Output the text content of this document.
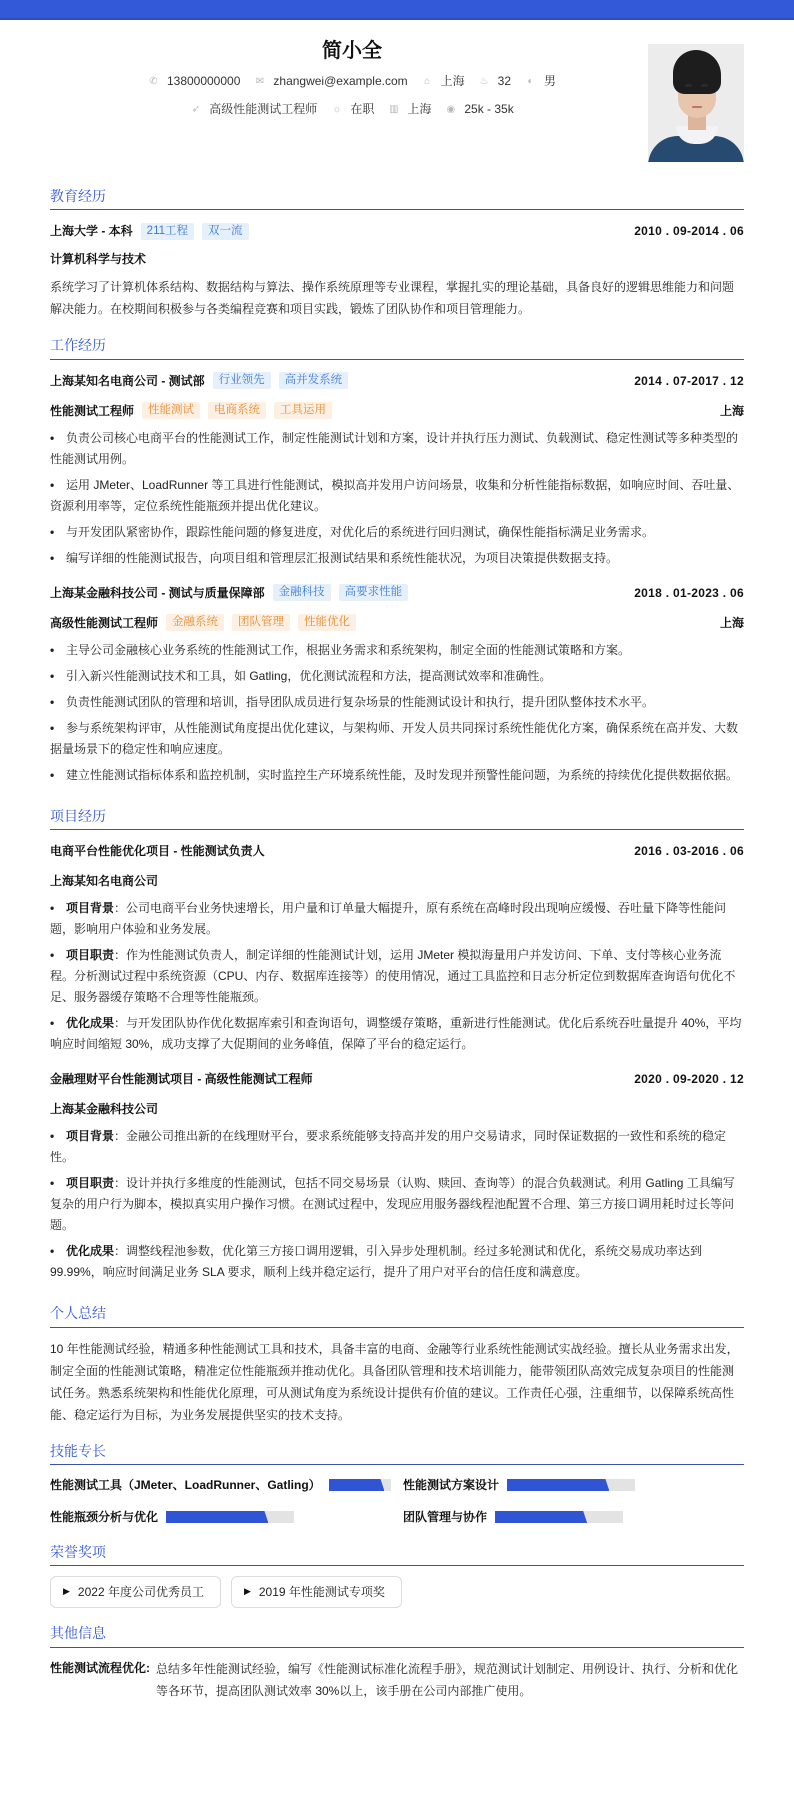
简小全
✆ 13800000000 ✉ zhangwei@example.com ⌂ 上海 ♨ 32 ◐ 男
➶ 高级性能测试工程师 ☼ 在职 ▥ 上海 ◉ 25k - 35k
教育经历
上海大学 - 本科	211工程	双一流	2010 . 09-2014 . 06
计算机科学与技术
系统学习了计算机体系结构、数据结构与算法、操作系统原理等专业课程，掌握扎实的理论基础，具备良好的逻辑思维能力和问题解决能力。在校期间积极参与各类编程竞赛和项目实践，锻炼了团队协作和项目管理能力。
工作经历
上海某知名电商公司 - 测试部	行业领先	高并发系统	2014 . 07-2017 . 12
性能测试工程师	性能测试	电商系统	工具运用	上海
• 负责公司核心电商平台的性能测试工作，制定性能测试计划和方案，设计并执行压力测试、负载测试、稳定性测试等多种类型的性能测试用例。
• 运用 JMeter、LoadRunner 等工具进行性能测试，模拟高并发用户访问场景，收集和分析性能指标数据，如响应时间、吞吐量、资源利用率等，定位系统性能瓶颈并提出优化建议。
• 与开发团队紧密协作，跟踪性能问题的修复进度，对优化后的系统进行回归测试，确保性能指标满足业务需求。
• 编写详细的性能测试报告，向项目组和管理层汇报测试结果和系统性能状况，为项目决策提供数据支持。
上海某金融科技公司 - 测试与质量保障部	金融科技	高要求性能	2018 . 01-2023 . 06
高级性能测试工程师	金融系统	团队管理	性能优化	上海
• 主导公司金融核心业务系统的性能测试工作，根据业务需求和系统架构，制定全面的性能测试策略和方案。
• 引入新兴性能测试技术和工具，如 Gatling，优化测试流程和方法，提高测试效率和准确性。
• 负责性能测试团队的管理和培训，指导团队成员进行复杂场景的性能测试设计和执行，提升团队整体技术水平。
• 参与系统架构评审，从性能测试角度提出优化建议，与架构师、开发人员共同探讨系统性能优化方案，确保系统在高并发、大数据量场景下的稳定性和响应速度。
• 建立性能测试指标体系和监控机制，实时监控生产环境系统性能，及时发现并预警性能问题，为系统的持续优化提供数据依据。
项目经历
电商平台性能优化项目 - 性能测试负责人	2016 . 03-2016 . 06
上海某知名电商公司
• 项目背景：公司电商平台业务快速增长，用户量和订单量大幅提升，原有系统在高峰时段出现响应缓慢、吞吐量下降等性能问题，影响用户体验和业务发展。
• 项目职责：作为性能测试负责人，制定详细的性能测试计划，运用 JMeter 模拟海量用户并发访问、下单、支付等核心业务流程。分析测试过程中系统资源（CPU、内存、数据库连接等）的使用情况，通过工具监控和日志分析定位到数据库查询语句优化不足、服务器缓存策略不合理等性能瓶颈。
• 优化成果：与开发团队协作优化数据库索引和查询语句，调整缓存策略，重新进行性能测试。优化后系统吞吐量提升 40%，平均响应时间缩短 30%，成功支撑了大促期间的业务峰值，保障了平台的稳定运行。
金融理财平台性能测试项目 - 高级性能测试工程师	2020 . 09-2020 . 12
上海某金融科技公司
• 项目背景：金融公司推出新的在线理财平台，要求系统能够支持高并发的用户交易请求，同时保证数据的一致性和系统的稳定性。
• 项目职责：设计并执行多维度的性能测试，包括不同交易场景（认购、赎回、查询等）的混合负载测试。利用 Gatling 工具编写复杂的用户行为脚本，模拟真实用户操作习惯。在测试过程中，发现应用服务器线程池配置不合理、第三方接口调用耗时过长等问题。
• 优化成果：调整线程池参数，优化第三方接口调用逻辑，引入异步处理机制。经过多轮测试和优化，系统交易成功率达到 99.99%，响应时间满足业务 SLA 要求，顺利上线并稳定运行，提升了用户对平台的信任度和满意度。
个人总结
10 年性能测试经验，精通多种性能测试工具和技术，具备丰富的电商、金融等行业系统性能测试实战经验。擅长从业务需求出发，制定全面的性能测试策略，精准定位性能瓶颈并推动优化。具备团队管理和技术培训能力，能带领团队高效完成复杂项目的性能测试任务。熟悉系统架构和性能优化原理，可从测试角度为系统设计提供有价值的建议。工作责任心强，注重细节，以保障系统高性能、稳定运行为目标，为业务发展提供坚实的技术支持。
技能专长
性能测试工具（JMeter、LoadRunner、Gatling）	性能测试方案设计
性能瓶颈分析与优化	团队管理与协作
荣誉奖项
▶ 2022 年度公司优秀员工	▶ 2019 年性能测试专项奖
其他信息
性能测试流程优化: 总结多年性能测试经验，编写《性能测试标准化流程手册》，规范测试计划制定、用例设计、执行、分析和优化等各环节，提高团队测试效率 30%以上，该手册在公司内部推广使用。
